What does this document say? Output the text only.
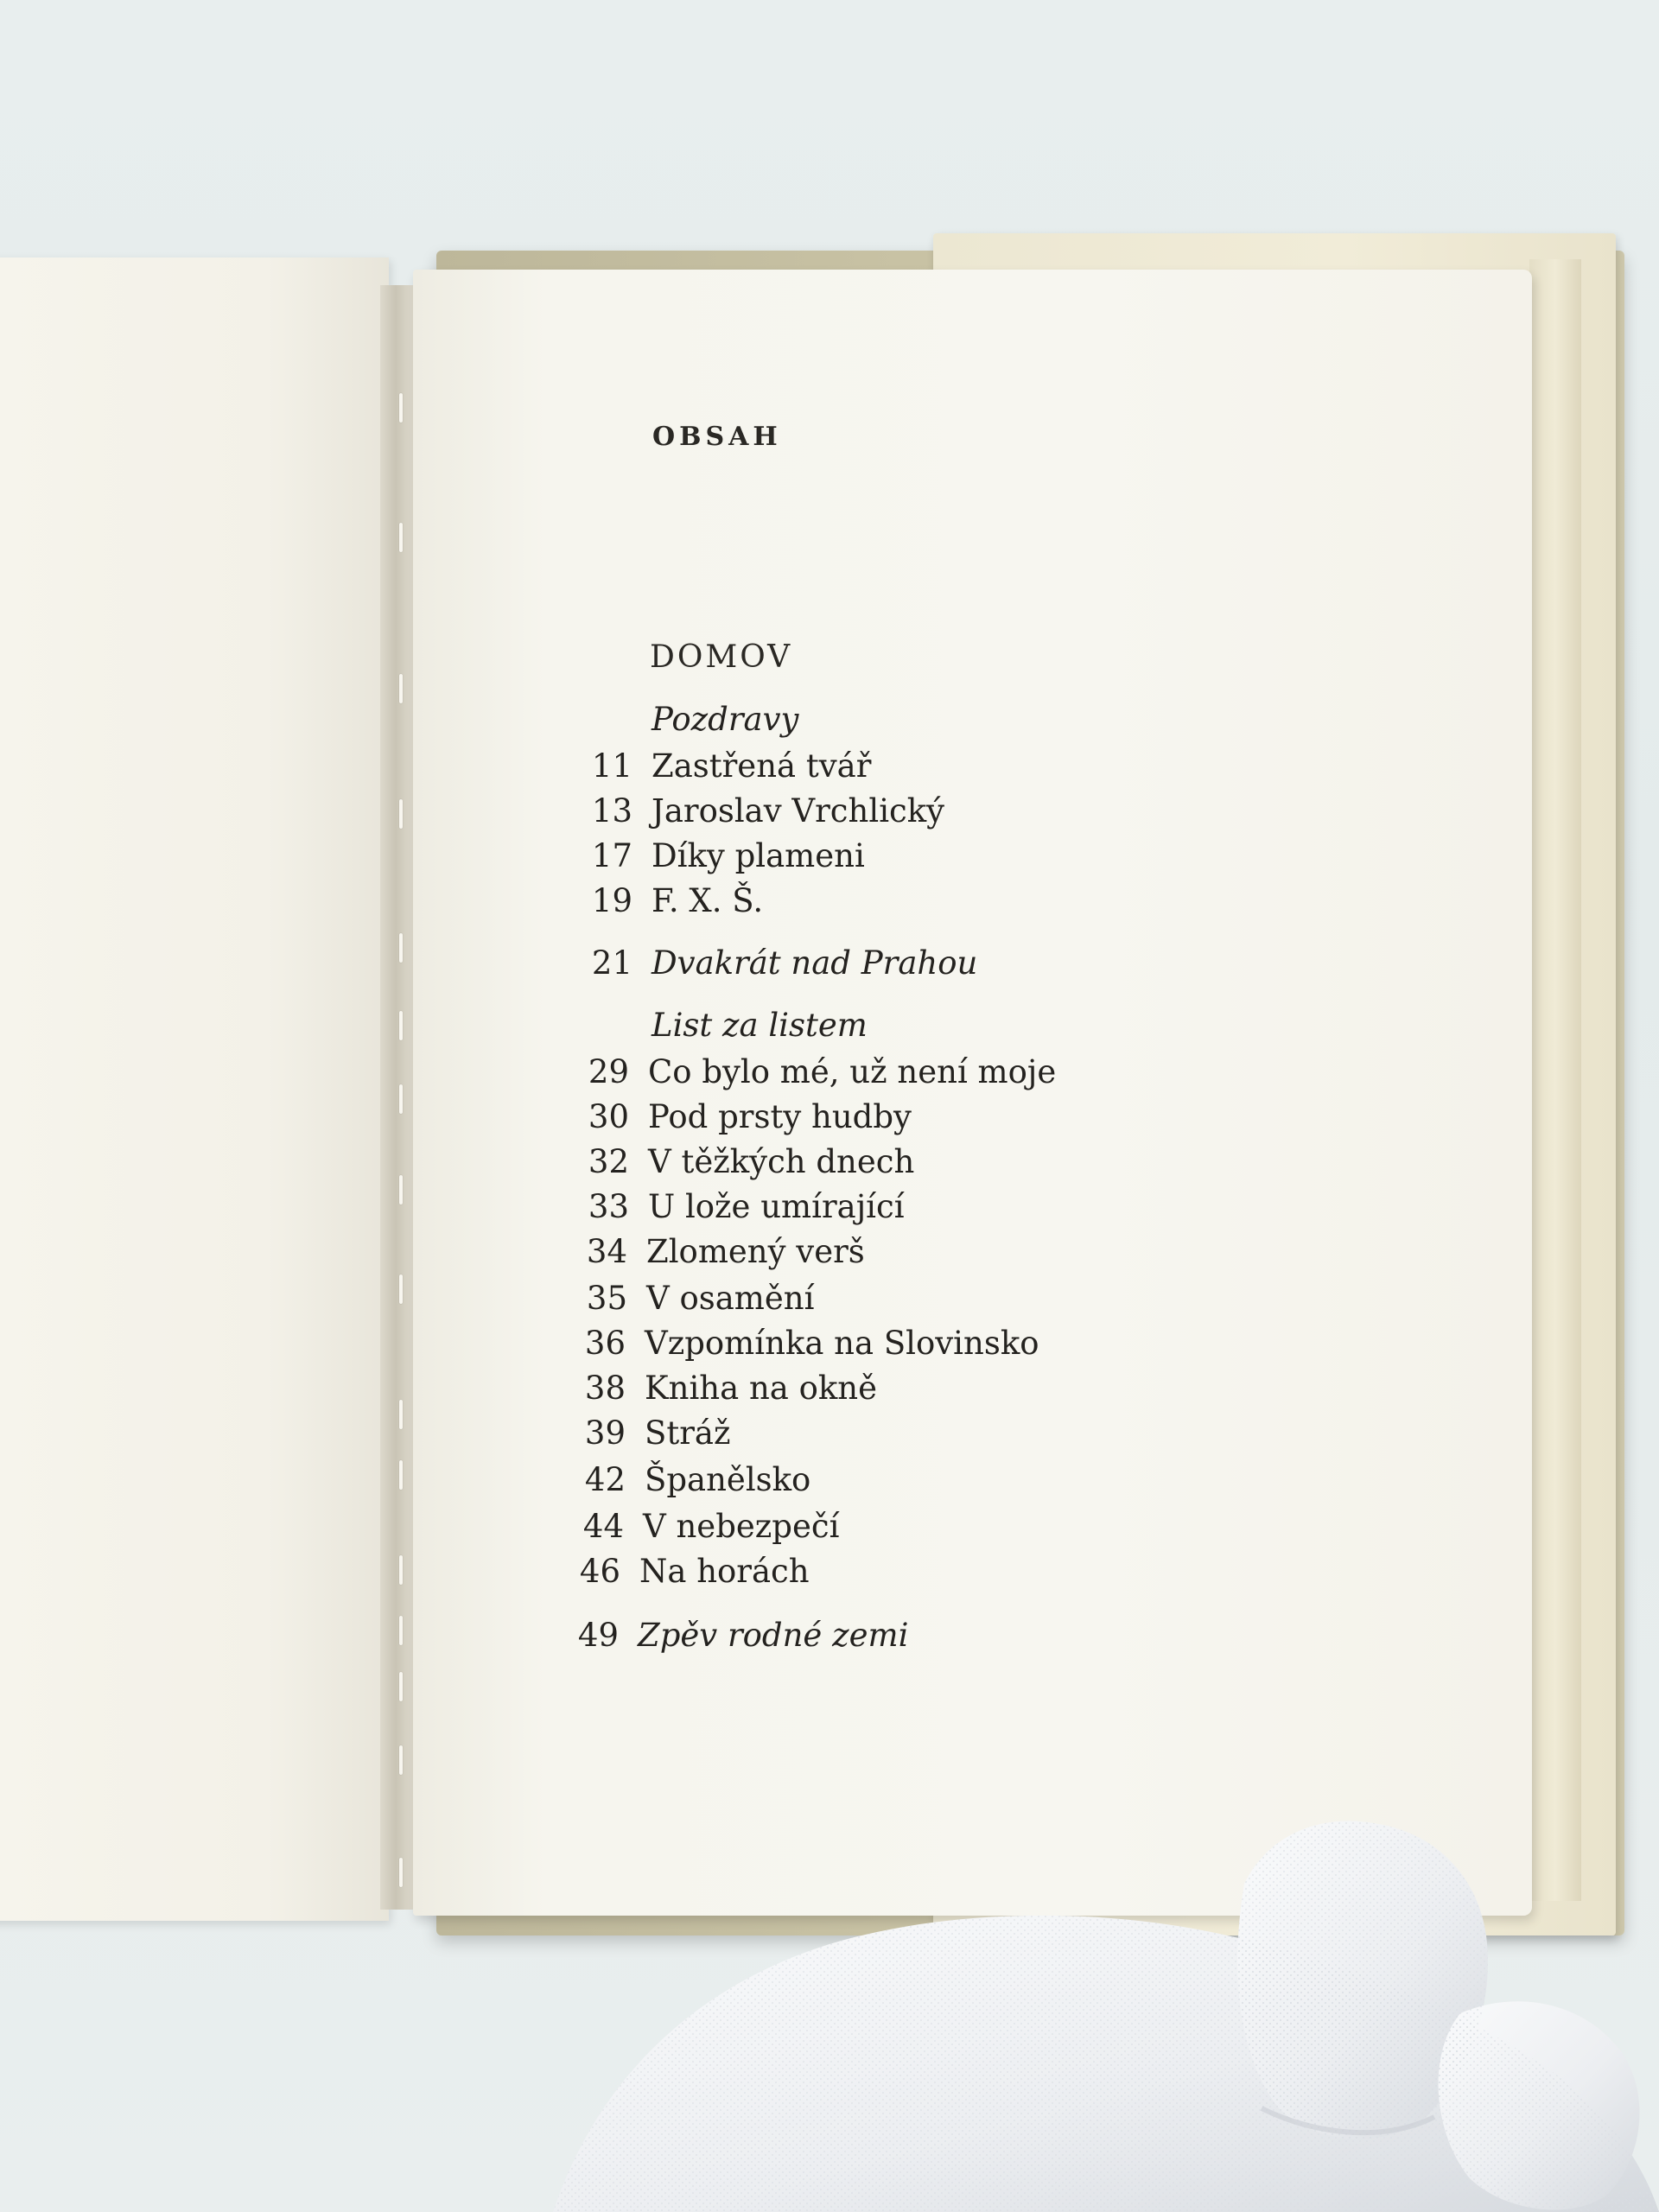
OBSAH
DOMOV
Pozdravy
11 Zastřená tvář
13 Jaroslav Vrchlický
17 Díky plameni
19 F. X. Š.
21 Dvakrát nad Prahou
List za listem
29 Co bylo mé, už není moje
30 Pod prsty hudby
32 V těžkých dnech
33 U lože umírající
34 Zlomený verš
35 V osamění
36 Vzpomínka na Slovinsko
38 Kniha na okně
39 Stráž
42 Španělsko
44 V nebezpečí
46 Na horách
49 Zpěv rodné zemi
